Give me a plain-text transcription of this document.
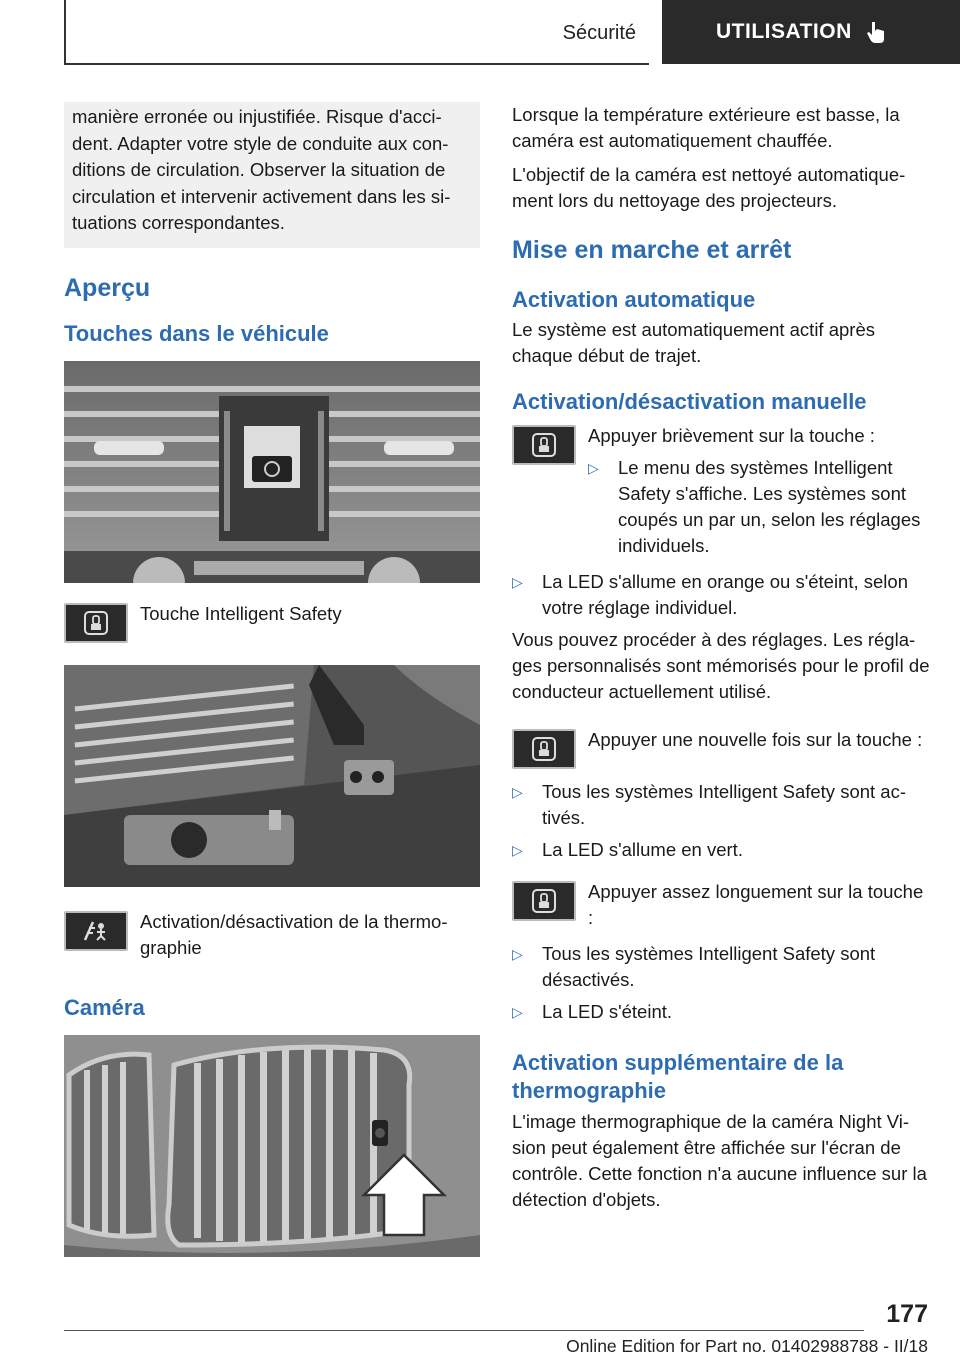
Sécurité	UTILISATION

manière erronée ou injustifiée. Risque d'accident. Adapter votre style de conduite aux conditions de circulation. Observer la situation de circulation et intervenir activement dans les situations correspondantes.

Aperçu
Touches dans le véhicule
Touche Intelligent Safety
Activation/désactivation de la thermographie
Caméra

Lorsque la température extérieure est basse, la caméra est automatiquement chauffée.

L'objectif de la caméra est nettoyé automatiquement lors du nettoyage des projecteurs.

Mise en marche et arrêt
Activation automatique

Le système est automatiquement actif après chaque début de trajet.

Activation/désactivation manuelle
Appuyer brièvement sur la touche :
▷ Le menu des systèmes Intelligent Safety s'affiche. Les systèmes sont coupés un par un, selon les réglages individuels.
▷ La LED s'allume en orange ou s'éteint, selon votre réglage individuel.

Vous pouvez procéder à des réglages. Les réglages personnalisés sont mémorisés pour le profil de conducteur actuellement utilisé.

Appuyer une nouvelle fois sur la touche :
▷ Tous les systèmes Intelligent Safety sont activés.
▷ La LED s'allume en vert.
Appuyer assez longuement sur la touche :
▷ Tous les systèmes Intelligent Safety sont désactivés.
▷ La LED s'éteint.
Activation supplémentaire de la thermographie

L'image thermographique de la caméra Night Vision peut également être affichée sur l'écran de contrôle. Cette fonction n'a aucune influence sur la détection d'objets.

177
Online Edition for Part no. 01402988788 - II/18
